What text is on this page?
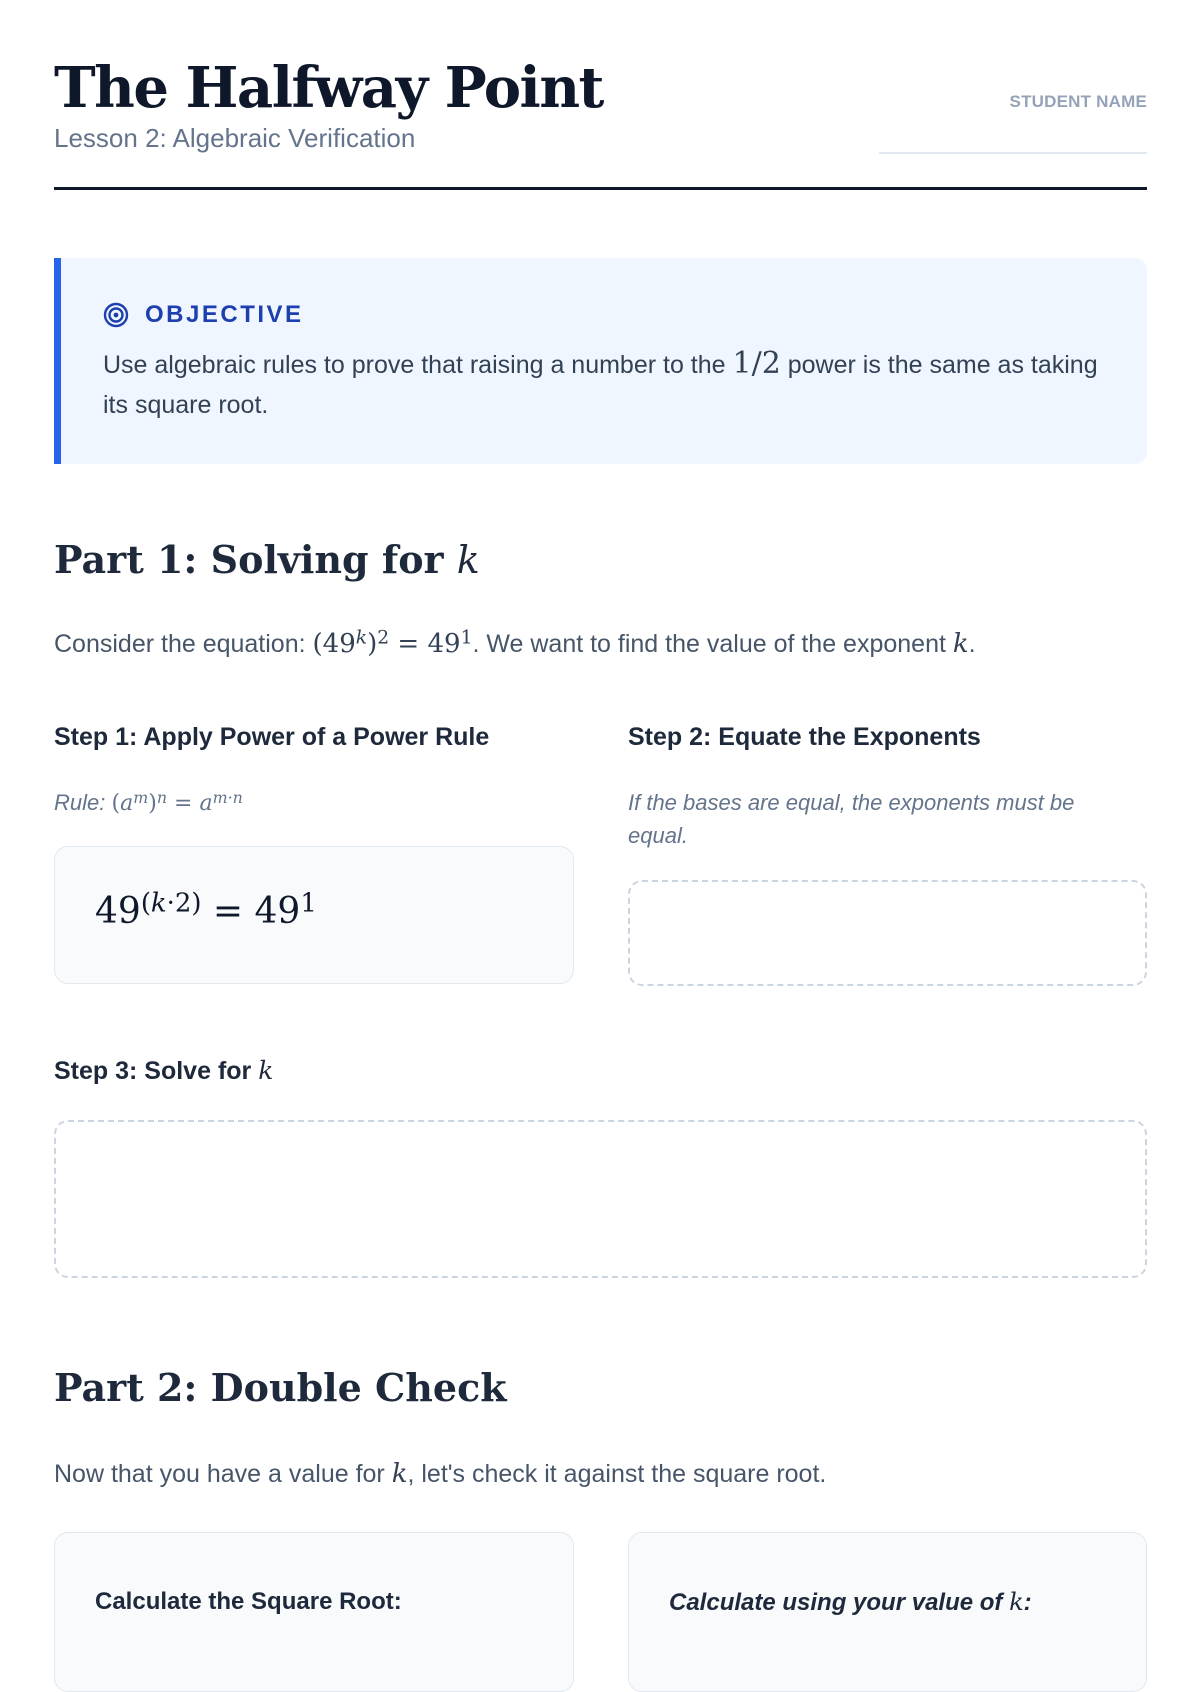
The Halfway Point
Lesson 2: Algebraic Verification
STUDENT NAME
OBJECTIVE
Use algebraic rules to prove that raising a number to the 1/2 power is the same as taking its square root.
Part 1: Solving for k
Consider the equation: $(49^k)^2 = 49^1$. We want to find the value of the exponent k.
Step 1: Apply Power of a Power Rule
Rule: $(a^m)^n = a^{m\cdot n}$
$49^{(k\cdot 2)} = 49^1$
Step 2: Equate the Exponents
If the bases are equal, the exponents must be equal.
Step 3: Solve for k
Part 2: Double Check
Now that you have a value for k, let's check it against the square root.
Calculate the Square Root:	Calculate using your value of k:
